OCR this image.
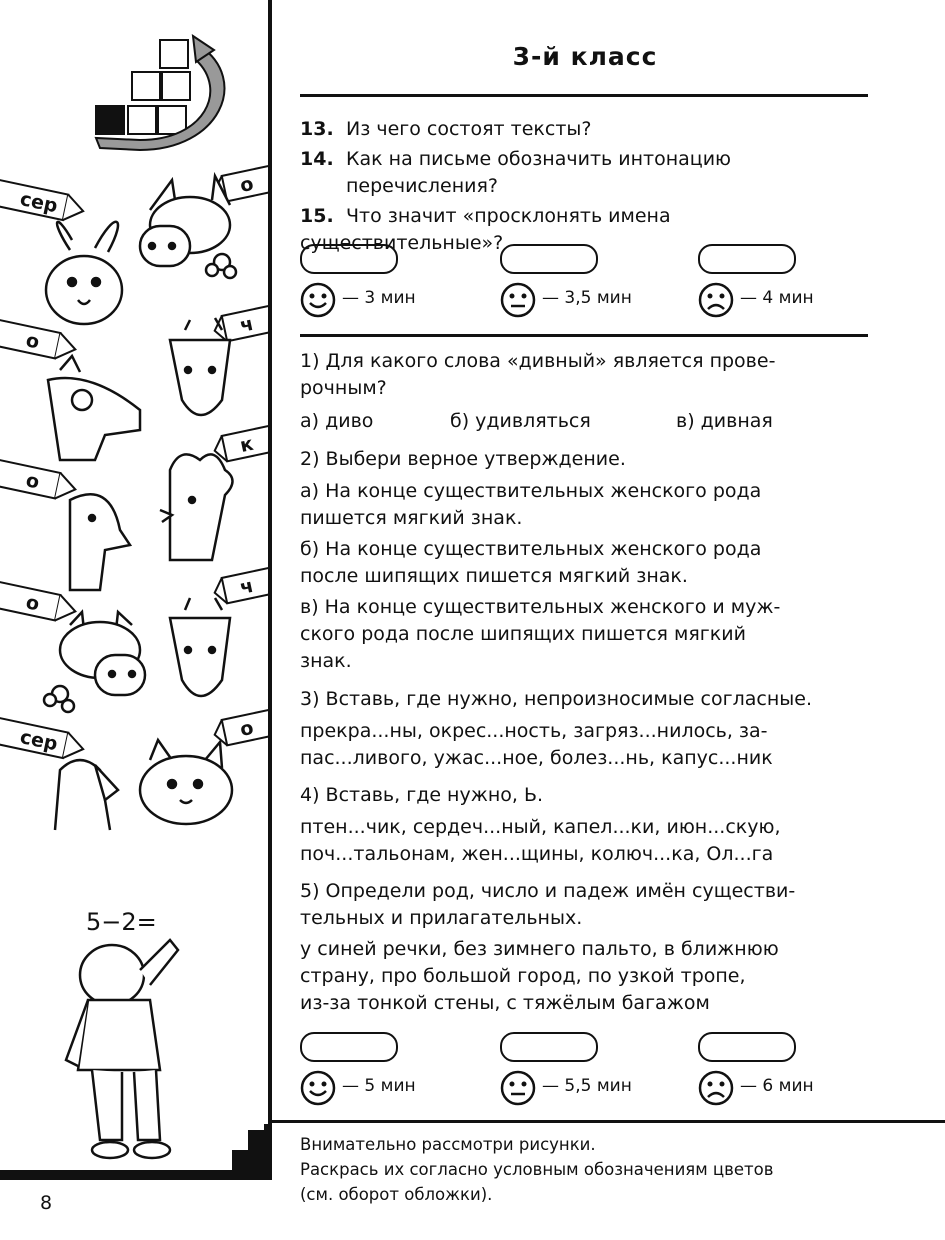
сер
о
о
ч
о
к
о
ч
сер	о
5−2=
3-й класс
13. Из чего состоят тексты?
14. Как на письме обозначить интонацию
перечисления?
15. Что значит «просклонять имена существительные»?
— 3 мин	— 3,5 мин	— 4 мин
1) Для какого слова «дивный» является прове-
рочным?
а) диво	б) удивляться	в) дивная
2) Выбери верное утверждение.
а) На конце существительных женского рода
пишется мягкий знак.
б) На конце существительных женского рода
после шипящих пишется мягкий знак.
в) На конце существительных женского и муж-
ского рода после шипящих пишется мягкий
знак.
3) Вставь, где нужно, непроизносимые согласные.
прекра...ны, окрес...ность, загряз...нилось, за-
пас...ливого, ужас...ное, болез...нь, капус...ник
4) Вставь, где нужно, Ь.
птен...чик, сердеч...ный, капел...ки, июн...скую,
поч...тальонам, жен...щины, колюч...ка, Ол...га
5) Определи род, число и падеж имён существи-
тельных и прилагательных.
у синей речки, без зимнего пальто, в ближнюю
страну, про большой город, по узкой тропе,
из-за тонкой стены, с тяжёлым багажом
— 5 мин	— 5,5 мин	— 6 мин
Внимательно рассмотри рисунки.
Раскрась их согласно условным обозначениям цветов
(см. оборот обложки).
8
